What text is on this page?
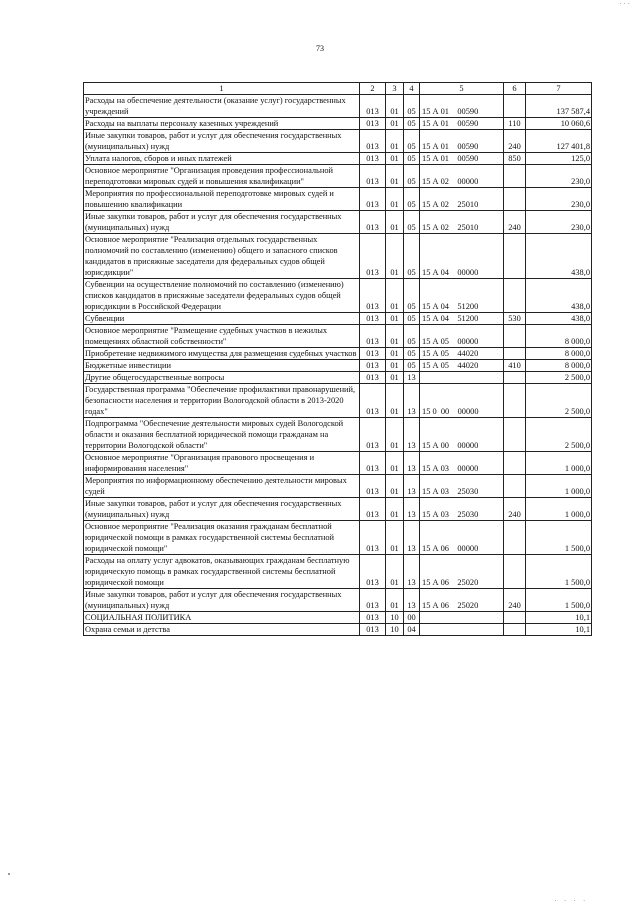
· · ·
73
1	2	3	4	5	6	7
Расходы на обеспечение деятельности (оказание услуг) государственных учреждений	013	01	05	15 А 01    00590		137 587,4
Расходы на выплаты персоналу казенных учреждений	013	01	05	15 А 01    00590	110	10 060,6
Иные закупки товаров, работ и услуг для обеспечения государственных (муниципальных) нужд	013	01	05	15 А 01    00590	240	127 401,8
Уплата налогов, сборов и иных платежей	013	01	05	15 А 01    00590	850	125,0
Основное мероприятие "Организация проведения профессиональной переподготовки мировых судей и повышения квалификации"	013	01	05	15 А 02    00000		230,0
Мероприятия по профессиональной переподготовке мировых судей и повышению квалификации	013	01	05	15 А 02    25010		230,0
Иные закупки товаров, работ и услуг для обеспечения государственных (муниципальных) нужд	013	01	05	15 А 02    25010	240	230,0
Основное мероприятие "Реализация отдельных государственных полномочий по составлению (изменению) общего и запасного списков кандидатов в присяжные заседатели для федеральных судов общей юрисдикции"	013	01	05	15 А 04    00000		438,0
Субвенции на осуществление полномочий по составлению (изменению) списков кандидатов в присяжные заседатели федеральных судов общей юрисдикции в Российской Федерации	013	01	05	15 А 04    51200		438,0
Субвенции	013	01	05	15 А 04    51200	530	438,0
Основное мероприятие "Размещение судебных участков в нежилых помещениях областной собственности"	013	01	05	15 А 05    00000		8 000,0
Приобретение недвижимого имущества для размещения судебных участков	013	01	05	15 А 05    44020		8 000,0
Бюджетные инвестиции	013	01	05	15 А 05    44020	410	8 000,0
Другие общегосударственные вопросы	013	01	13			2 500,0
Государственная программа "Обеспечение профилактики правонарушений, безопасности населения и территории Вологодской области в 2013-2020 годах"	013	01	13	15 0  00    00000		2 500,0
Подпрограмма "Обеспечение деятельности мировых судей Вологодской области и оказания бесплатной юридической помощи гражданам на территории Вологодской области"	013	01	13	15 А 00    00000		2 500,0
Основное мероприятие "Организация правового просвещения и информирования населения"	013	01	13	15 А 03    00000		1 000,0
Мероприятия по информационному обеспечению деятельности мировых судей	013	01	13	15 А 03    25030		1 000,0
Иные закупки товаров, работ и услуг для обеспечения государственных (муниципальных) нужд	013	01	13	15 А 03    25030	240	1 000,0
Основное мероприятие "Реализация оказания гражданам бесплатной юридической помощи в рамках государственной системы бесплатной юридической помощи"	013	01	13	15 А 06    00000		1 500,0
Расходы на оплату услуг адвокатов, оказывающих гражданам бесплатную юридическую помощь в рамках государственной системы бесплатной юридической помощи	013	01	13	15 А 06    25020		1 500,0
Иные закупки товаров, работ и услуг для обеспечения государственных (муниципальных) нужд	013	01	13	15 А 06    25020	240	1 500,0
СОЦИАЛЬНАЯ ПОЛИТИКА	013	10	00			10,1
Охрана семьи и детства	013	10	04			10,1
. . . .
